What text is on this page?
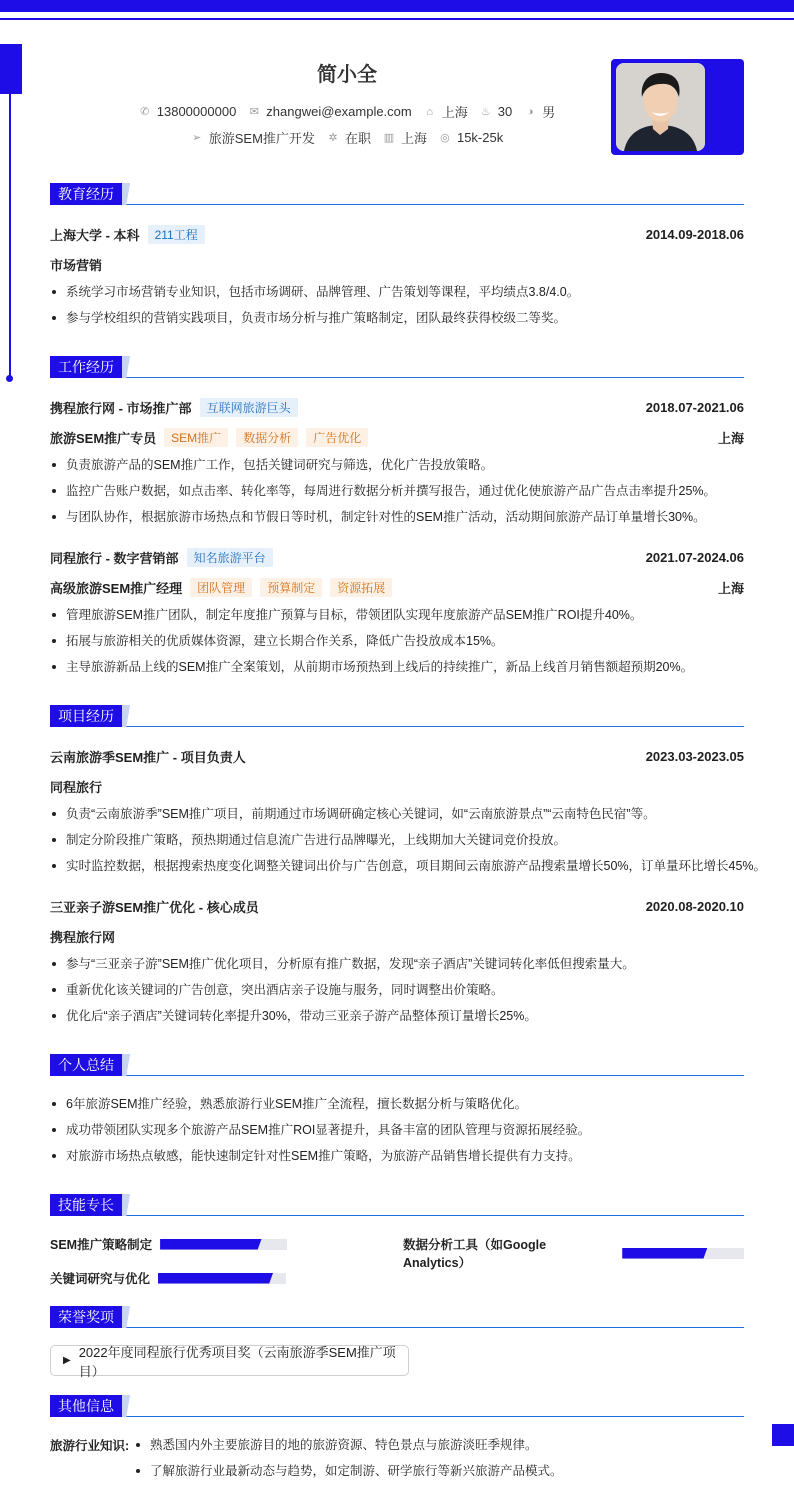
简小全
✆ 13800000000 ✉ zhangwei@example.com ⌂ 上海 ♨ 30 ◑ 男
➢ 旅游SEM推广开发 ✲ 在职 ▥ 上海 ◎ 15k-25k
教育经历
上海大学 - 本科	211工程	2014.09-2018.06
市场营销
系统学习市场营销专业知识，包括市场调研、品牌管理、广告策划等课程，平均绩点3.8/4.0。
参与学校组织的营销实践项目，负责市场分析与推广策略制定，团队最终获得校级二等奖。
工作经历
携程旅行网 - 市场推广部	互联网旅游巨头	2018.07-2021.06
旅游SEM推广专员	SEM推广	数据分析	广告优化	上海
负责旅游产品的SEM推广工作，包括关键词研究与筛选，优化广告投放策略。
监控广告账户数据，如点击率、转化率等，每周进行数据分析并撰写报告，通过优化使旅游产品广告点击率提升25%。
与团队协作，根据旅游市场热点和节假日等时机，制定针对性的SEM推广活动，活动期间旅游产品订单量增长30%。
同程旅行 - 数字营销部	知名旅游平台	2021.07-2024.06
高级旅游SEM推广经理	团队管理	预算制定	资源拓展	上海
管理旅游SEM推广团队，制定年度推广预算与目标，带领团队实现年度旅游产品SEM推广ROI提升40%。
拓展与旅游相关的优质媒体资源，建立长期合作关系，降低广告投放成本15%。
主导旅游新品上线的SEM推广全案策划，从前期市场预热到上线后的持续推广，新品上线首月销售额超预期20%。
项目经历
云南旅游季SEM推广 - 项目负责人	2023.03-2023.05
同程旅行
负责“云南旅游季”SEM推广项目，前期通过市场调研确定核心关键词，如“云南旅游景点”“云南特色民宿”等。
制定分阶段推广策略，预热期通过信息流广告进行品牌曝光，上线期加大关键词竞价投放。
实时监控数据，根据搜索热度变化调整关键词出价与广告创意，项目期间云南旅游产品搜索量增长50%，订单量环比增长45%。
三亚亲子游SEM推广优化 - 核心成员	2020.08-2020.10
携程旅行网
参与“三亚亲子游”SEM推广优化项目，分析原有推广数据，发现“亲子酒店”关键词转化率低但搜索量大。
重新优化该关键词的广告创意，突出酒店亲子设施与服务，同时调整出价策略。
优化后“亲子酒店”关键词转化率提升30%，带动三亚亲子游产品整体预订量增长25%。
个人总结
6年旅游SEM推广经验，熟悉旅游行业SEM推广全流程，擅长数据分析与策略优化。
成功带领团队实现多个旅游产品SEM推广ROI显著提升，具备丰富的团队管理与资源拓展经验。
对旅游市场热点敏感，能快速制定针对性SEM推广策略，为旅游产品销售增长提供有力支持。
技能专长
SEM推广策略制定	数据分析工具（如Google Analytics）
关键词研究与优化
荣誉奖项
▶
2022年度同程旅行优秀项目奖（云南旅游季SEM推广项目）
其他信息
旅游行业知识:	熟悉国内外主要旅游目的地的旅游资源、特色景点与旅游淡旺季规律。
了解旅游行业最新动态与趋势，如定制游、研学旅行等新兴旅游产品模式。
